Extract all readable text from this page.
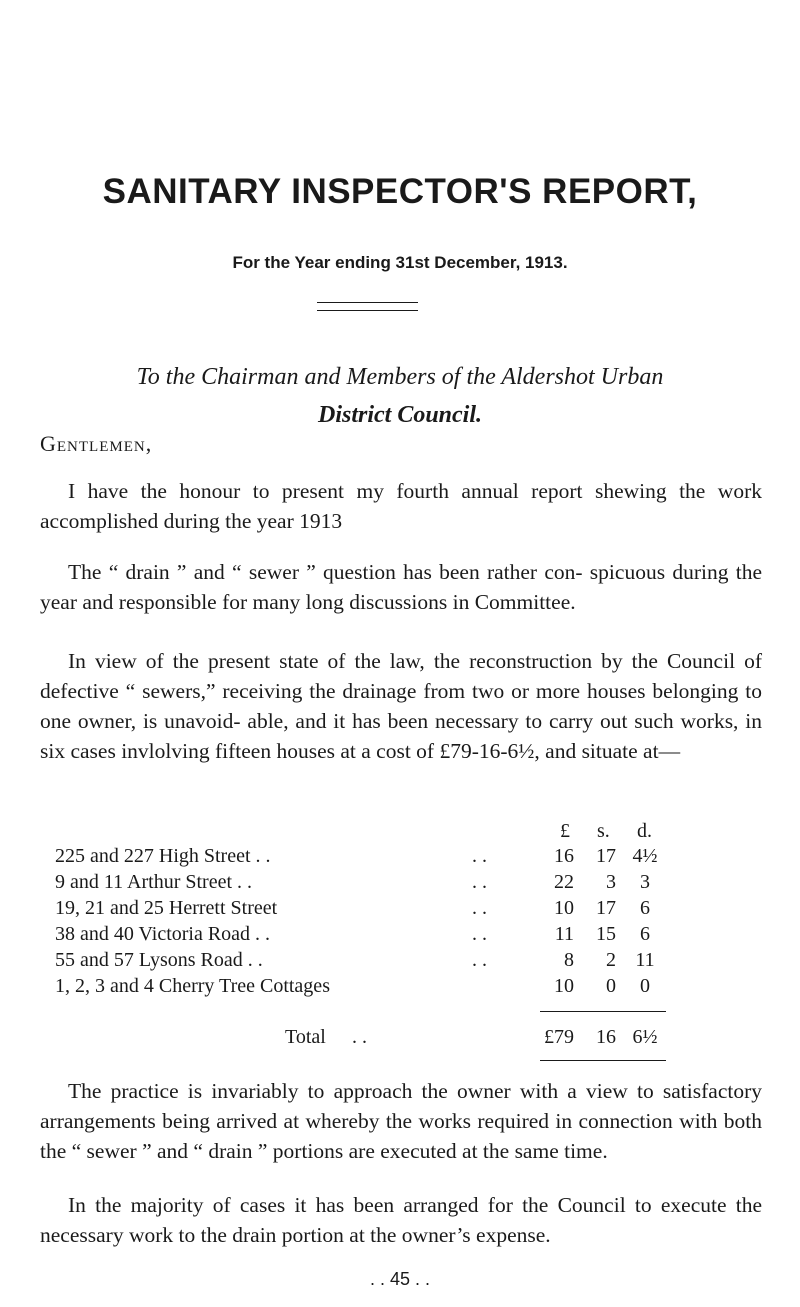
SANITARY INSPECTOR'S REPORT,
For the Year ending 31st December, 1913.
To the Chairman and Members of the Aldershot Urban
District Council.
Gentlemen,

I have the honour to present my fourth annual report shewing the work accomplished during the year 1913

The “ drain ” and “ sewer ” question has been rather con- spicuous during the year and responsible for many long discussions in Committee.

In view of the present state of the law, the reconstruction by the Council of defective “ sewers,” receiving the drainage from two or more houses belonging to one owner, is unavoid- able, and it has been necessary to carry out such works, in six cases invlolving fifteen houses at a cost of £79-16-6½, and situate at—

£ s. d.
225 and 227 High Street . .	. .	16	17 4½
9 and 11 Arthur Street . .	. .	22	3	3
19, 21 and 25 Herrett Street	. .	10	17	6
38 and 40 Victoria Road . .	. .	11	15	6
55 and 57 Lysons Road . .	. .	8	2 11
1, 2, 3 and 4 Cherry Tree Cottages	10	0	0
Total . .	£79	16 6½

The practice is invariably to approach the owner with a view to satisfactory arrangements being arrived at whereby the works required in connection with both the “ sewer ” and “ drain ” portions are executed at the same time.

In the majority of cases it has been arranged for the Council to execute the necessary work to the drain portion at the owner’s expense.

. . 45 . .
